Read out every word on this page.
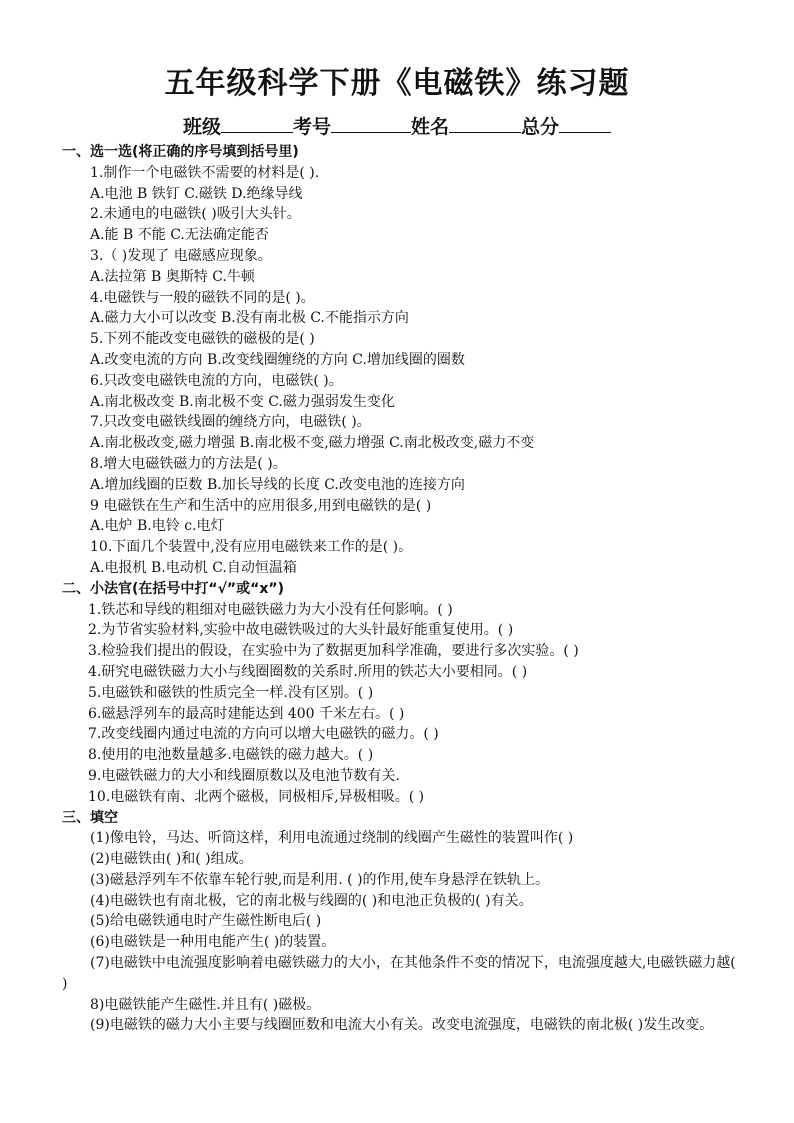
五年级科学下册《电磁铁》练习题
班级	考号	姓名	总分
一、选一选(将正确的序号填到括号里)
1.制作一个电磁铁不需要的材料是( ).
A.电池 B 铁钉 C.磁铁 D.绝缘导线
2.未通电的电磁铁( )吸引大头针。
A.能 B 不能 C.无法确定能否
3.（ )发现了 电磁感应现象。
A.法拉第 B 奥斯特 C.牛顿
4.电磁铁与一般的磁铁不同的是( )。
A.磁力大小可以改变 B.没有南北极 C.不能指示方向
5.下列不能改变电磁铁的磁极的是( )
A.改变电流的方向 B.改变线圈缠绕的方向 C.增加线圈的圈数
6.只改变电磁铁电流的方向，电磁铁( )。
A.南北极改变 B.南北极不变 C.磁力强弱发生变化
7.只改变电磁铁线圈的缠绕方向，电磁铁( )。
A.南北极改变,磁力增强 B.南北极不变,磁力增强 C.南北极改变,磁力不变
8.增大电磁铁磁力的方法是( )。
A.增加线圈的臣数 B.加长导线的长度 C.改变电池的连接方向
9 电磁铁在生产和生活中的应用很多,用到电磁铁的是( )
A.电炉 B.电铃 c.电灯
10.下面几个装置中,没有应用电磁铁来工作的是( )。
A.电报机 B.电动机 C.自动恒温箱
二、小法官(在括号中打“√”或“x”)
1.铁芯和导线的粗细对电磁铁磁力为大小没有任何影响。( )
2.为节省实验材料,实验中故电磁铁吸过的大头针最好能重复使用。( )
3.检验我们提出的假设，在实验中为了数据更加科学准确，要进行多次实验。( )
4.研究电磁铁磁力大小与线圈圈数的关系时.所用的铁芯大小要相同。( )
5.电磁铁和磁铁的性质完全一样.没有区别。( )
6.磁悬浮列车的最高时建能达到 400 千米左右。( )
7.改变线圈内通过电流的方向可以增大电磁铁的磁力。( )
8.使用的电池数量越多.电磁铁的磁力越大。( )
9.电磁铁磁力的大小和线圈原数以及电池节数有关.
10.电磁铁有南、北两个磁极，同极相斥,异极相吸。( )
三、填空
(1)像电铃，马达、听筒这样，利用电流通过绕制的线圈产生磁性的装置叫作( )
(2)电磁铁由( )和( )组成。
(3)磁悬浮列车不依靠车轮行驶,而是利用. ( )的作用,使车身悬浮在铁轨上。
(4)电磁铁也有南北极，它的南北极与线圈的( )和电池正负极的( )有关。
(5)给电磁铁通电时产生磁性断电后( )
(6)电磁铁是一种用电能产生( )的装置。
(7)电磁铁中电流强度影响着电磁铁磁力的大小，在其他条件不变的情况下，电流强度越大,电磁铁磁力越( )
8)电磁铁能产生磁性.并且有( )磁极。
(9)电磁铁的磁力大小主要与线圈匝数和电流大小有关。改变电流强度，电磁铁的南北极( )发生改变。
